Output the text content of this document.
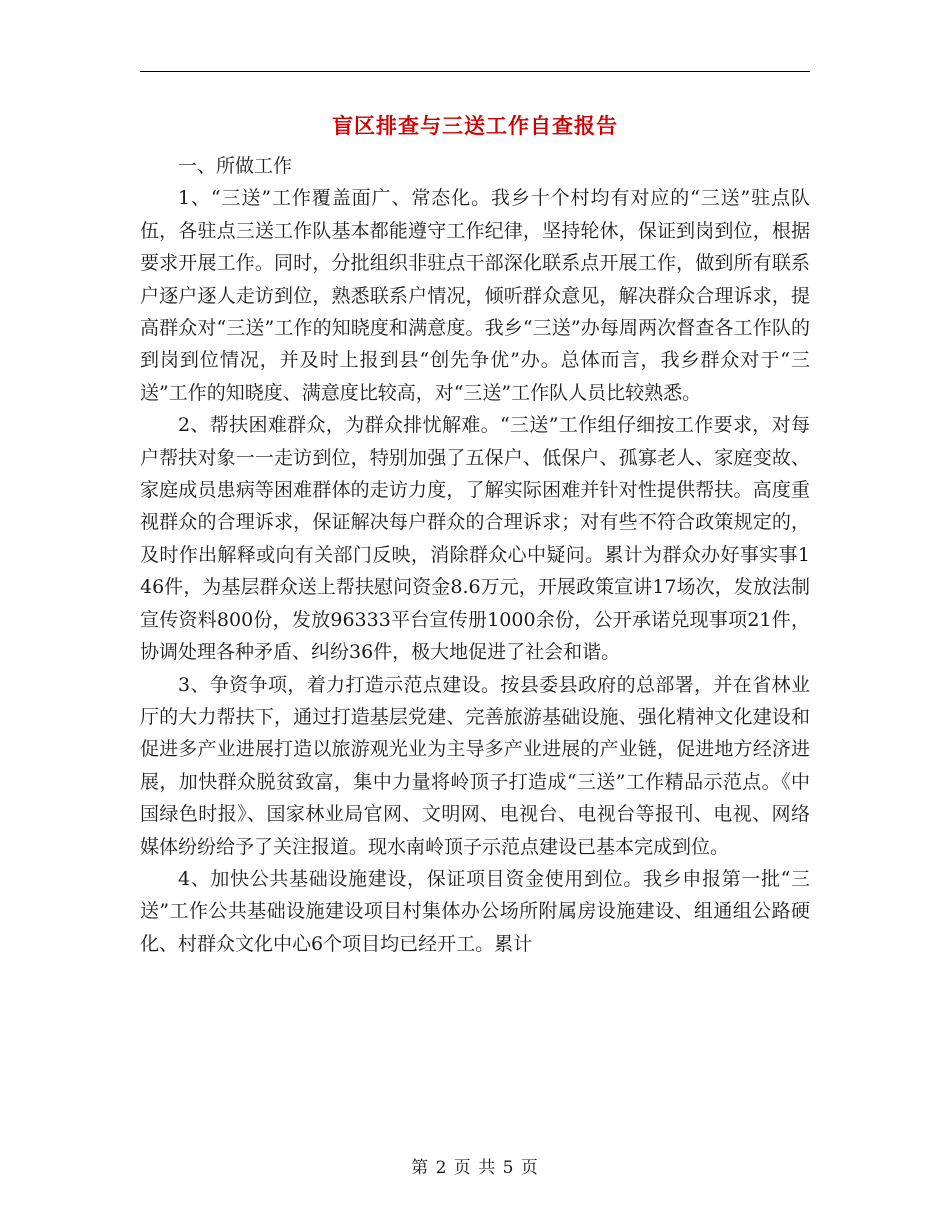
盲区排查与三送工作自查报告

一、所做工作

1、“三送”工作覆盖面广、常态化。我乡十个村均有对应的“三送”驻点队伍，各驻点三送工作队基本都能遵守工作纪律，坚持轮休，保证到岗到位，根据要求开展工作。同时，分批组织非驻点干部深化联系点开展工作，做到所有联系户逐户逐人走访到位，熟悉联系户情况，倾听群众意见，解决群众合理诉求，提高群众对“三送”工作的知晓度和满意度。我乡“三送”办每周两次督查各工作队的到岗到位情况，并及时上报到县“创先争优”办。总体而言，我乡群众对于“三送”工作的知晓度、满意度比较高，对“三送”工作队人员比较熟悉。

2、帮扶困难群众，为群众排忧解难。“三送”工作组仔细按工作要求，对每户帮扶对象一一走访到位，特别加强了五保户、低保户、孤寡老人、家庭变故、家庭成员患病等困难群体的走访力度，了解实际困难并针对性提供帮扶。高度重视群众的合理诉求，保证解决每户群众的合理诉求；对有些不符合政策规定的，及时作出解释或向有关部门反映，消除群众心中疑问。累计为群众办好事实事146件，为基层群众送上帮扶慰问资金8.6万元，开展政策宣讲17场次，发放法制宣传资料800份，发放96333平台宣传册1000余份，公开承诺兑现事项21件，协调处理各种矛盾、纠纷36件，极大地促进了社会和谐。

3、争资争项，着力打造示范点建设。按县委县政府的总部署，并在省林业厅的大力帮扶下，通过打造基层党建、完善旅游基础设施、强化精神文化建设和促进多产业进展打造以旅游观光业为主导多产业进展的产业链，促进地方经济进展，加快群众脱贫致富，集中力量将岭顶子打造成“三送”工作精品示范点。《中国绿色时报》、国家林业局官网、文明网、电视台、电视台等报刊、电视、网络媒体纷纷给予了关注报道。现水南岭顶子示范点建设已基本完成到位。

4、加快公共基础设施建设，保证项目资金使用到位。我乡申报第一批“三送”工作公共基础设施建设项目村集体办公场所附属房设施建设、组通组公路硬化、村群众文化中心6个项目均已经开工。累计

第 2 页 共 5 页
